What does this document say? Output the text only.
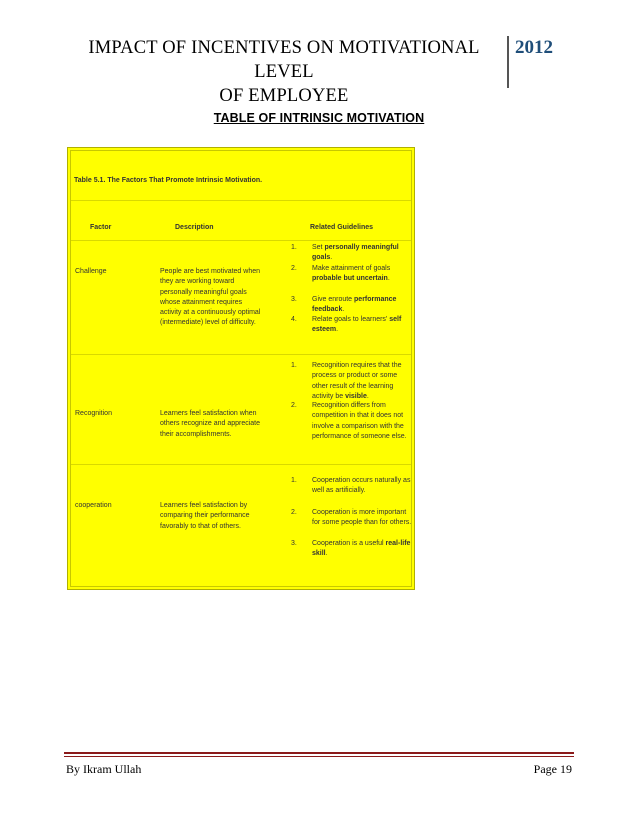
IMPACT OF INCENTIVES ON MOTIVATIONAL LEVEL
OF EMPLOYEE
2012
TABLE OF INTRINSIC MOTIVATION
Table 5.1. The Factors That Promote Intrinsic Motivation.
Factor	Description	Related Guidelines
Challenge	People are best motivated when they are working toward personally meaningful goals whose attainment requires activity at a continuously optimal (intermediate) level of difficulty.
1. Set personally meaningful goals.
2. Make attainment of goals probable but uncertain.
3. Give enroute performance feedback.
4. Relate goals to learners' self esteem.
Recognition	Learners feel satisfaction when others recognize and appreciate their accomplishments.
1. Recognition requires that the process or product or some other result of the learning activity be visible.
2. Recognition differs from competition in that it does not involve a comparison with the performance of someone else.
cooperation	Learners feel satisfaction by comparing their performance favorably to that of others.
1. Cooperation occurs naturally as well as artificially.
2. Cooperation is more important for some people than for others.
3. Cooperation is a useful real-life skill.
By Ikram Ullah	Page 19
